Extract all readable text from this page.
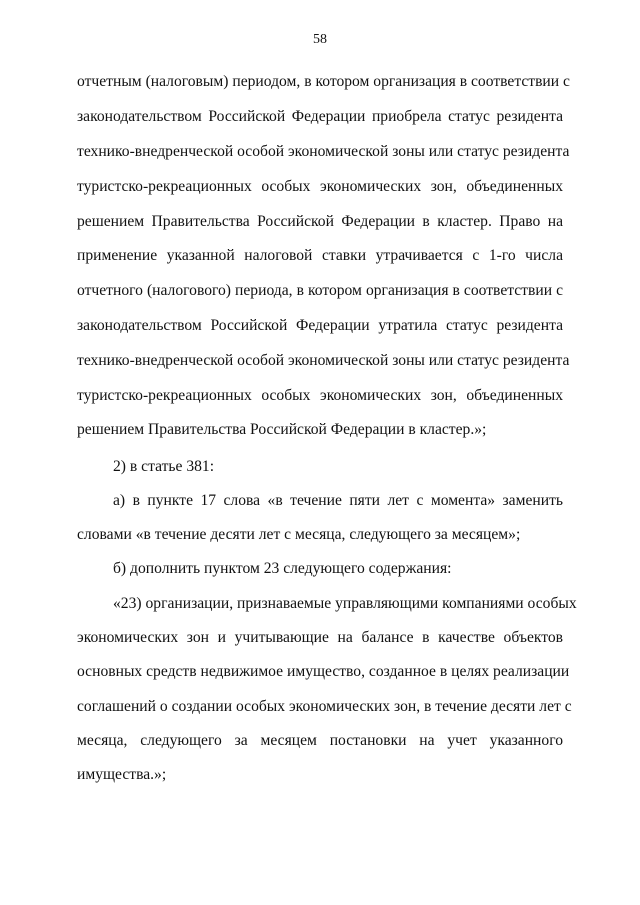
58
отчетным (налоговым) периодом, в котором организация в соответствии с
законодательством Российской Федерации приобрела статус резидента
технико-внедренческой особой экономической зоны или статус резидента
туристско-рекреационных особых экономических зон, объединенных
решением Правительства Российской Федерации в кластер. Право на
применение указанной налоговой ставки утрачивается с 1-го числа
отчетного (налогового) периода, в котором организация в соответствии с
законодательством Российской Федерации утратила статус резидента
технико-внедренческой особой экономической зоны или статус резидента
туристско-рекреационных особых экономических зон, объединенных
решением Правительства Российской Федерации в кластер.»;
2) в статье 381:
а) в пункте 17 слова «в течение пяти лет с момента» заменить
словами «в течение десяти лет с месяца, следующего за месяцем»;
б) дополнить пунктом 23 следующего содержания:
«23) организации, признаваемые управляющими компаниями особых
экономических зон и учитывающие на балансе в качестве объектов
основных средств недвижимое имущество, созданное в целях реализации
соглашений о создании особых экономических зон, в течение десяти лет с
месяца, следующего за месяцем постановки на учет указанного
имущества.»;
